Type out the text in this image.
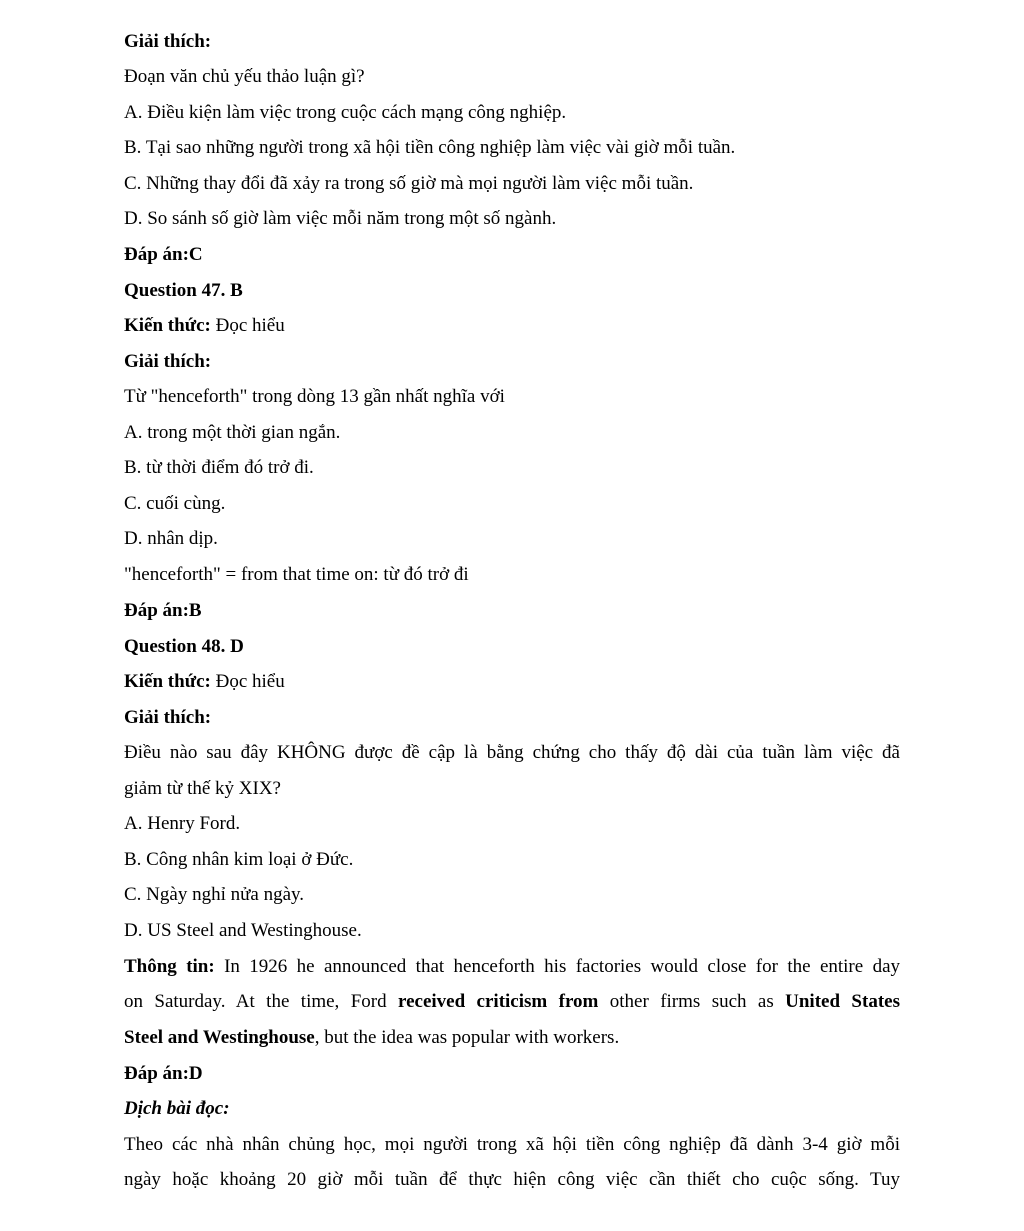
Giải thích:

Đoạn văn chủ yếu thảo luận gì?

A. Điều kiện làm việc trong cuộc cách mạng công nghiệp.

B. Tại sao những người trong xã hội tiền công nghiệp làm việc vài giờ mỗi tuần.

C. Những thay đổi đã xảy ra trong số giờ mà mọi người làm việc mỗi tuần.

D. So sánh số giờ làm việc mỗi năm trong một số ngành.

Đáp án:C

Question 47. B

Kiến thức: Đọc hiểu

Giải thích:

Từ "henceforth" trong dòng 13 gần nhất nghĩa với

A. trong một thời gian ngắn.

B. từ thời điểm đó trở đi.

C. cuối cùng.

D. nhân dịp.

"henceforth" = from that time on: từ đó trở đi

Đáp án:B

Question 48. D

Kiến thức: Đọc hiểu

Giải thích:

Điều nào sau đây KHÔNG được đề cập là bằng chứng cho thấy độ dài của tuần làm việc đã

giảm từ thế kỷ XIX?

A. Henry Ford.

B. Công nhân kim loại ở Đức.

C. Ngày nghỉ nửa ngày.

D. US Steel and Westinghouse.

Thông tin: In 1926 he announced that henceforth his factories would close for the entire day

on Saturday. At the time, Ford received criticism from other firms such as United States

Steel and Westinghouse, but the idea was popular with workers.

Đáp án:D

Dịch bài đọc:

Theo các nhà nhân chủng học, mọi người trong xã hội tiền công nghiệp đã dành 3-4 giờ mỗi

ngày hoặc khoảng 20 giờ mỗi tuần để thực hiện công việc cần thiết cho cuộc sống. Tuy
